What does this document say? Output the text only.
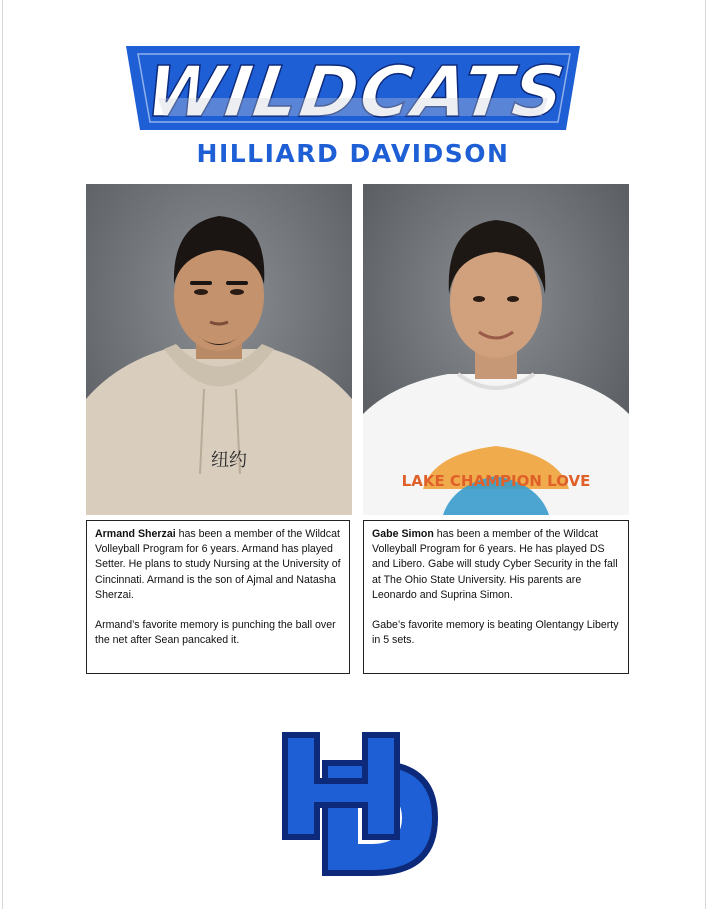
WILDCATS
HILLIARD DAVIDSON
纽约
LAKE CHAMPION LOVE

Armand Sherzai has been a member of the Wildcat Volleyball Program for 6 years. Armand has played Setter. He plans to study Nursing at the University of Cincinnati. Armand is the son of Ajmal and Natasha Sherzai.

Armand’s favorite memory is punching the ball over the net after Sean pancaked it.

Gabe Simon has been a member of the Wildcat Volleyball Program for 6 years. He has played DS and Libero. Gabe will study Cyber Security in the fall at The Ohio State University. His parents are Leonardo and Suprina Simon.

Gabe’s favorite memory is beating Olentangy Liberty in 5 sets.

HD
